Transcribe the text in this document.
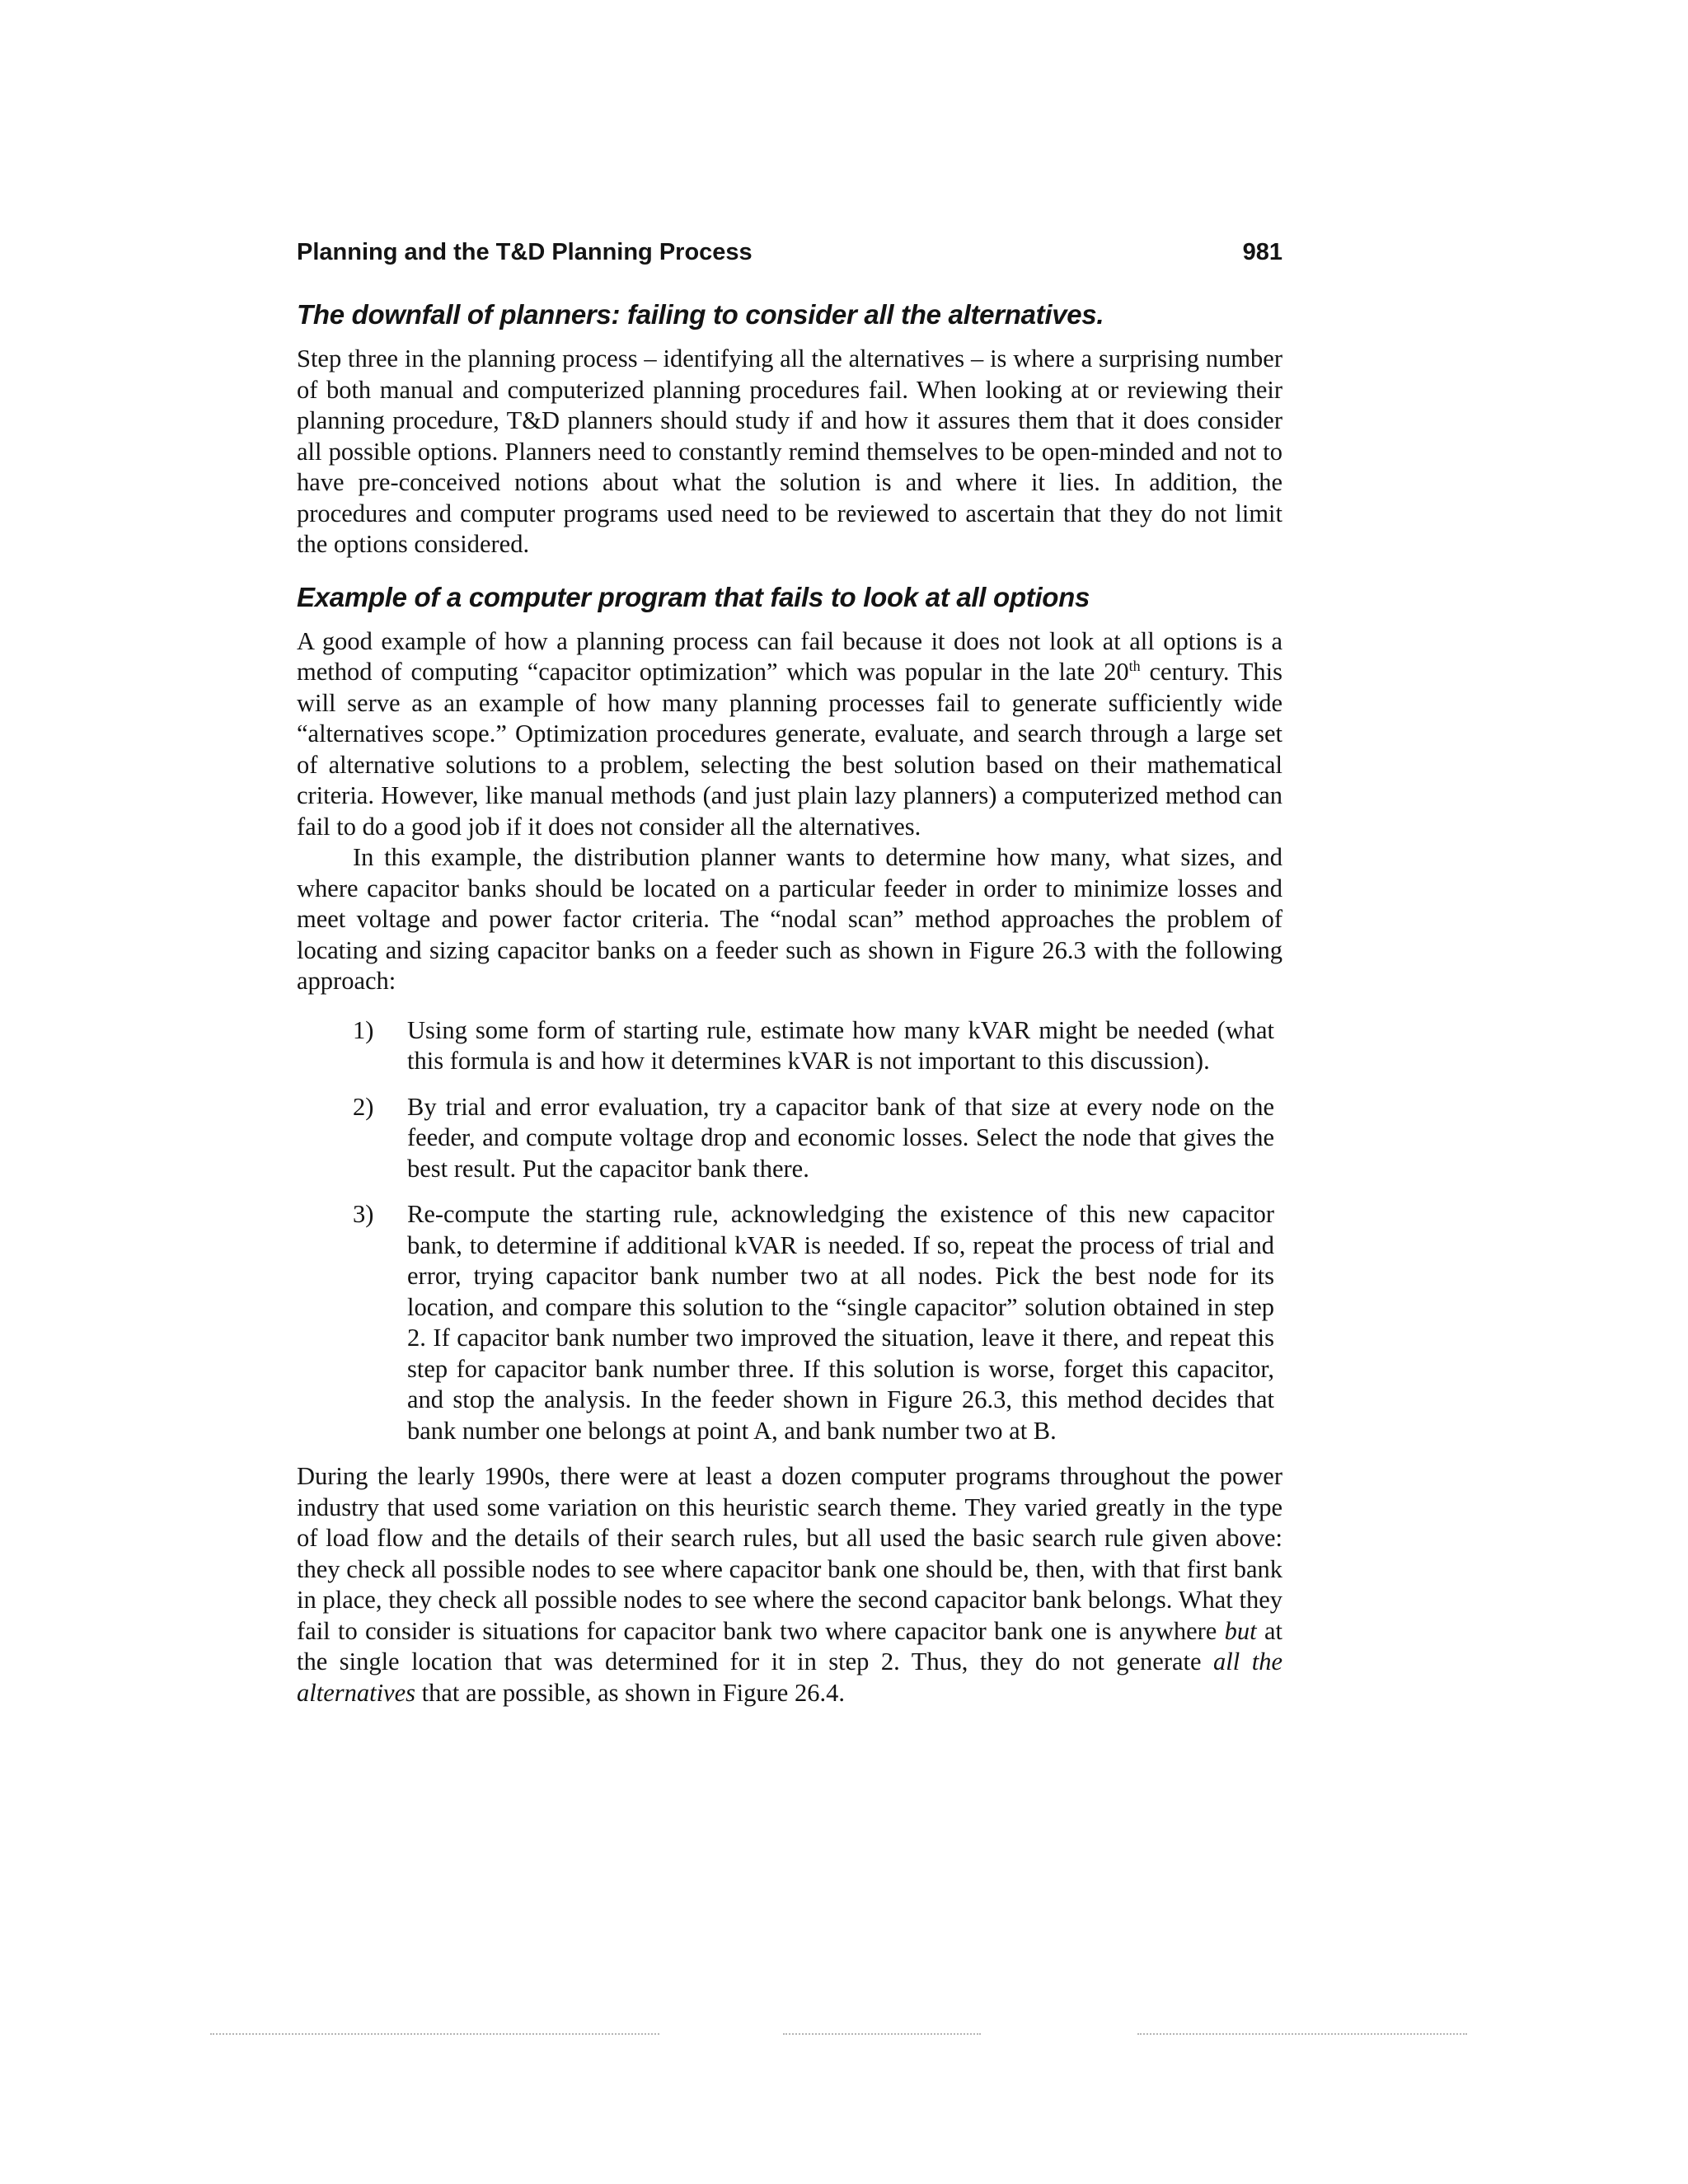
Planning and the T&D Planning Process	981
The downfall of planners: failing to consider all the alternatives.

Step three in the planning process – identifying all the alternatives – is where a surprising number of both manual and computerized planning procedures fail. When looking at or reviewing their planning procedure, T&D planners should study if and how it assures them that it does consider all possible options. Planners need to constantly remind themselves to be open-minded and not to have pre-conceived notions about what the solution is and where it lies. In addition, the procedures and computer programs used need to be reviewed to ascertain that they do not limit the options considered.

Example of a computer program that fails to look at all options

A good example of how a planning process can fail because it does not look at all options is a method of computing “capacitor optimization” which was popular in the late 20th century. This will serve as an example of how many planning processes fail to generate sufficiently wide “alternatives scope.” Optimization procedures generate, evaluate, and search through a large set of alternative solutions to a problem, selecting the best solution based on their mathematical criteria. However, like manual methods (and just plain lazy planners) a computerized method can fail to do a good job if it does not consider all the alternatives.

In this example, the distribution planner wants to determine how many, what sizes, and where capacitor banks should be located on a particular feeder in order to minimize losses and meet voltage and power factor criteria. The “nodal scan” method approaches the problem of locating and sizing capacitor banks on a feeder such as shown in Figure 26.3 with the following approach:

1) Using some form of starting rule, estimate how many kVAR might be needed (what this formula is and how it determines kVAR is not important to this discussion).

2) By trial and error evaluation, try a capacitor bank of that size at every node on the feeder, and compute voltage drop and economic losses. Select the node that gives the best result. Put the capacitor bank there.

3) Re-compute the starting rule, acknowledging the existence of this new capacitor bank, to determine if additional kVAR is needed. If so, repeat the process of trial and error, trying capacitor bank number two at all nodes. Pick the best node for its location, and compare this solution to the “single capacitor” solution obtained in step 2. If capacitor bank number two improved the situation, leave it there, and repeat this step for capacitor bank number three. If this solution is worse, forget this capacitor, and stop the analysis. In the feeder shown in Figure 26.3, this method decides that bank number one belongs at point A, and bank number two at B.

During the learly 1990s, there were at least a dozen computer programs throughout the power industry that used some variation on this heuristic search theme. They varied greatly in the type of load flow and the details of their search rules, but all used the basic search rule given above: they check all possible nodes to see where capacitor bank one should be, then, with that first bank in place, they check all possible nodes to see where the second capacitor bank belongs. What they fail to consider is situations for capacitor bank two where capacitor bank one is anywhere but at the single location that was determined for it in step 2. Thus, they do not generate all the alternatives that are possible, as shown in Figure 26.4.
